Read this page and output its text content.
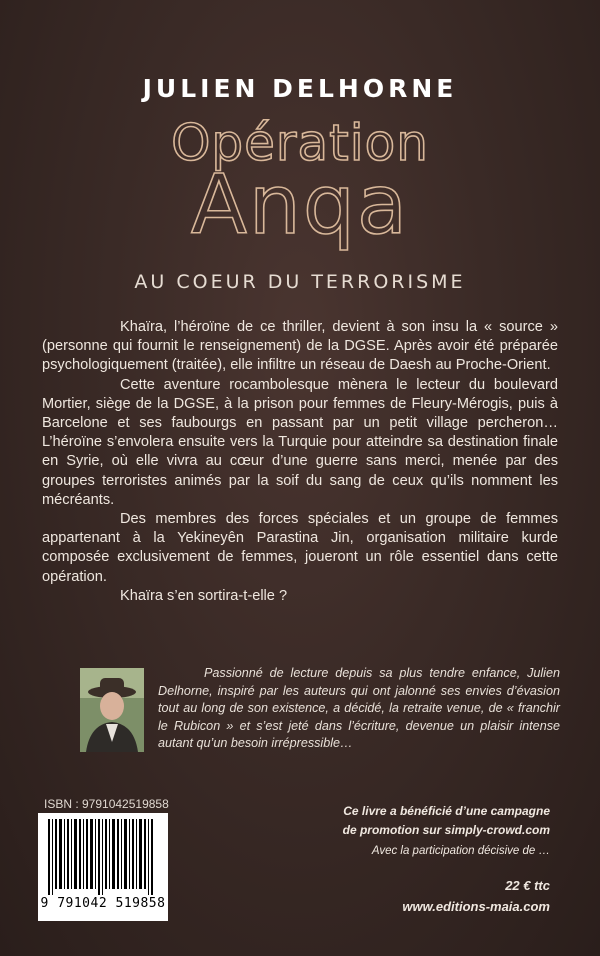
JULIEN DELHORNE
Opération
Anqa
AU COEUR DU TERRORISME

Khaïra, l’héroïne de ce thriller, devient à son insu la « source » (personne qui fournit le renseignement) de la DGSE. Après avoir été préparée psychologiquement (traitée), elle infiltre un réseau de Daesh au Proche-Orient.

Cette aventure rocambolesque mènera le lecteur du boulevard Mortier, siège de la DGSE, à la prison pour femmes de Fleury-Mérogis, puis à Barcelone et ses faubourgs en passant par un petit village percheron… L’héroïne s’envolera ensuite vers la Turquie pour atteindre sa destination finale en Syrie, où elle vivra au cœur d’une guerre sans merci, menée par des groupes terroristes animés par la soif du sang de ceux qu’ils nomment les mécréants.

Des membres des forces spéciales et un groupe de femmes appartenant à la Yekineyên Parastina Jin, organisation militaire kurde composée exclusivement de femmes, joueront un rôle essentiel dans cette opération.

Khaïra s’en sortira-t-elle ?

Passionné de lecture depuis sa plus tendre enfance, Julien Delhorne, inspiré par les auteurs qui ont jalonné ses envies d’évasion tout au long de son existence, a décidé, la retraite venue, de « franchir le Rubicon » et s’est jeté dans l’écriture, devenue un plaisir intense autant qu’un besoin irrépressible…
ISBN : 9791042519858
9 791042 519858
Ce livre a bénéficié d’une campagne
de promotion sur simply-crowd.com
Avec la participation décisive de …
22 € ttc
www.editions-maia.com
